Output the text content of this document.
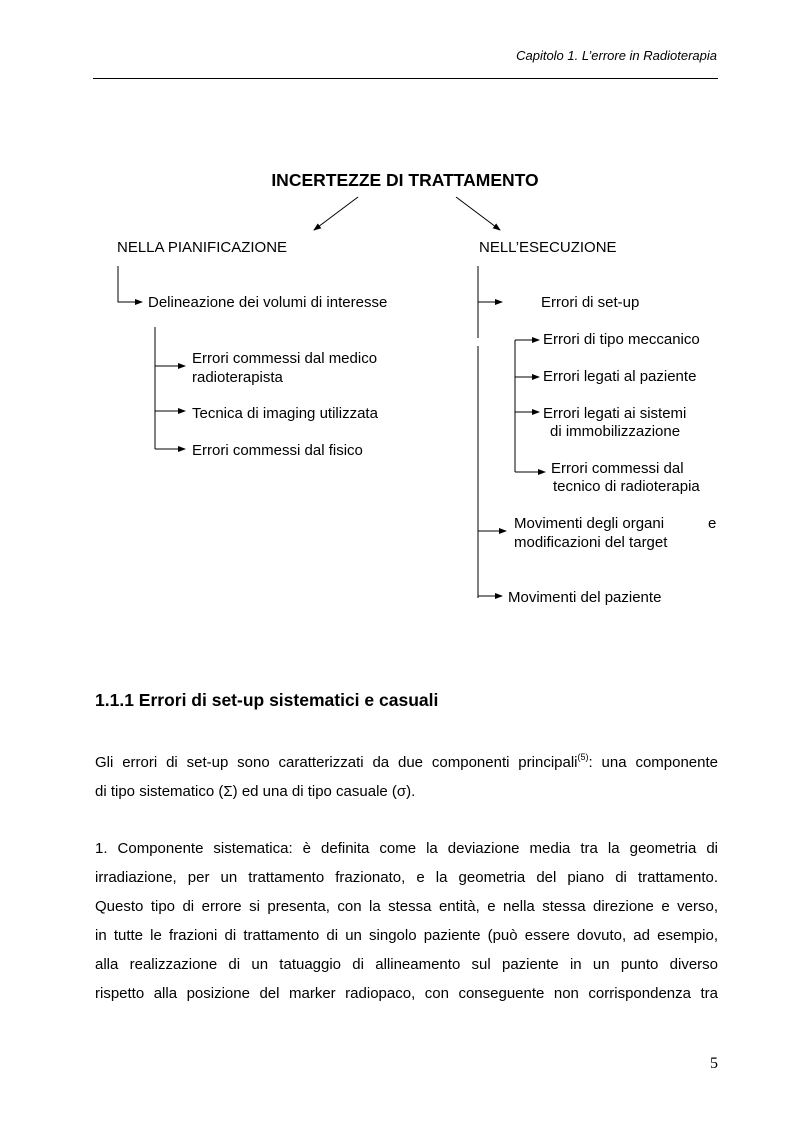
Capitolo 1. L’errore in Radioterapia
INCERTEZZE DI TRATTAMENTO
NELLA PIANIFICAZIONE
Delineazione dei volumi di interesse
Errori commessi dal medico
radioterapista
Tecnica di imaging utilizzata
Errori commessi dal fisico
NELL’ESECUZIONE
Errori di set-up
Errori di tipo meccanico
Errori legati al paziente
Errori legati ai sistemi
di immobilizzazione
Errori commessi dal
tecnico di radioterapia
Movimenti degli organi	e
modificazioni del target
Movimenti del paziente
1.1.1 Errori di set-up sistematici e casuali
Gli errori di set-up sono caratterizzati da due componenti principali$^{(5)}$: una componente
di tipo sistematico (Σ) ed una di tipo casuale (σ).
1. Componente sistematica: è definita come la deviazione media tra la geometria di
irradiazione, per un trattamento frazionato, e la geometria del piano di trattamento.
Questo tipo di errore si presenta, con la stessa entità, e nella stessa direzione e verso,
in tutte le frazioni di trattamento di un singolo paziente (può essere dovuto, ad esempio,
alla realizzazione di un tatuaggio di allineamento sul paziente in un punto diverso
rispetto alla posizione del marker radiopaco, con conseguente non corrispondenza tra
5
